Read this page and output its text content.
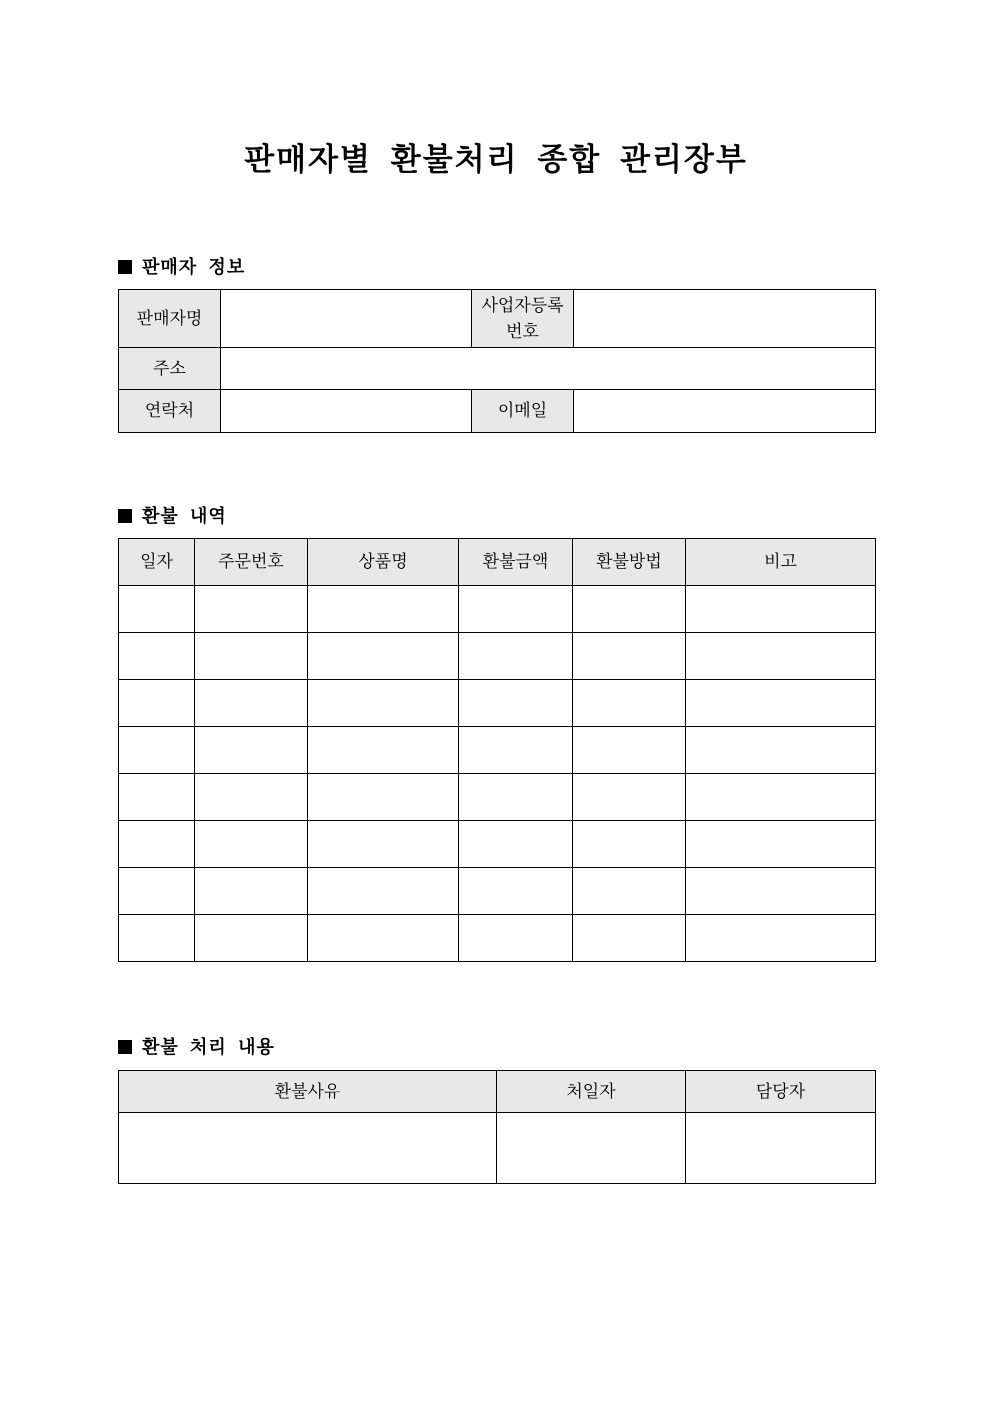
판매자별 환불처리 종합 관리장부
판매자 정보
판매자명		사업자등록
번호	
주소			
연락처		이메일	
환불 내역
일자	주문번호	상품명	환불금액	환불방법	비고

환불 처리 내용
환불사유	처일자	담당자
